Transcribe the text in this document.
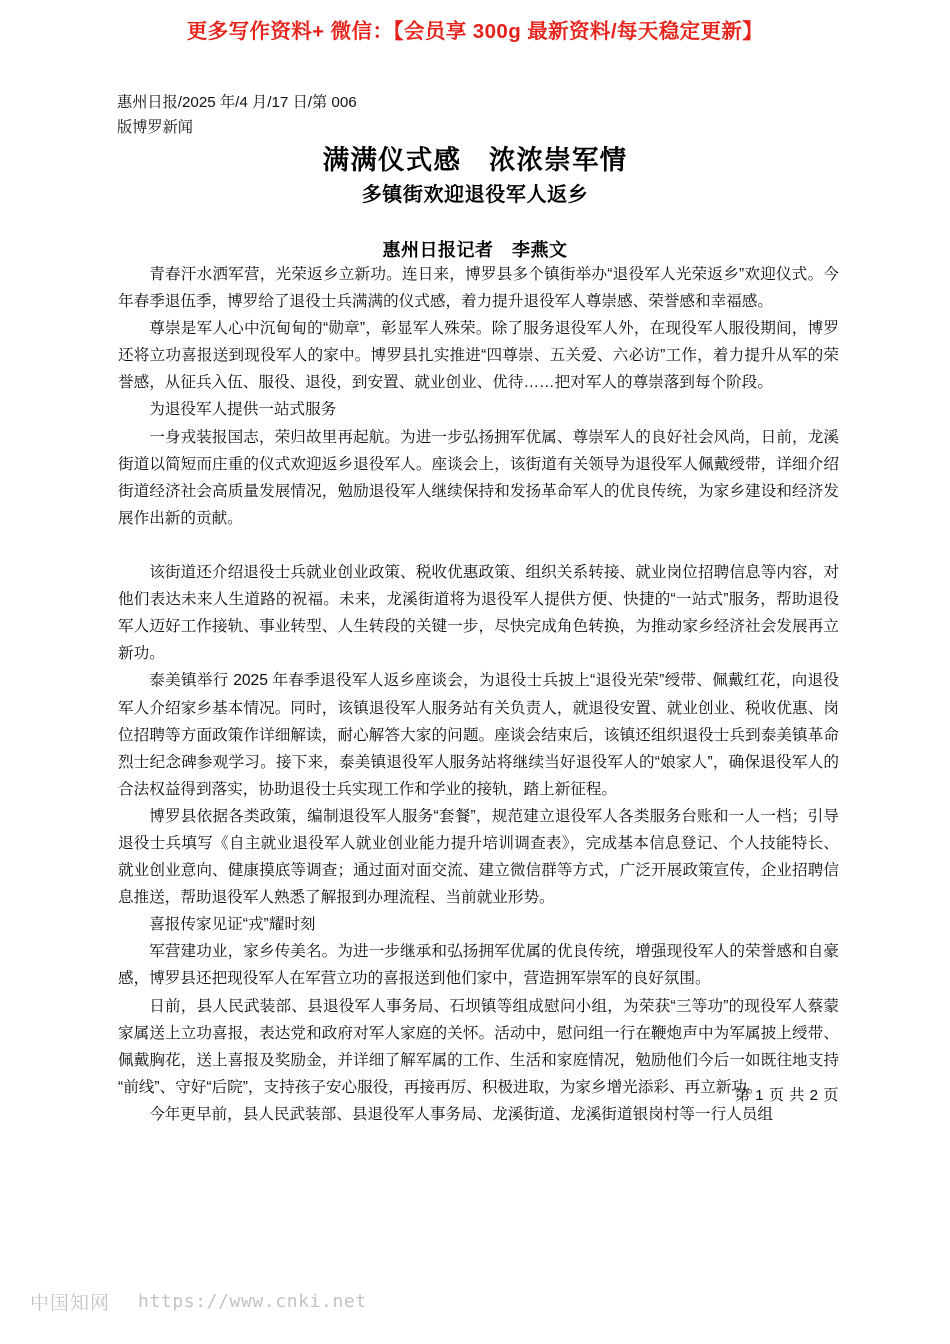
更多写作资料+ 微信：【会员享 300g 最新资料/每天稳定更新】
惠州日报/2025 年/4 月/17 日/第 006
版博罗新闻
满满仪式感　浓浓崇军情
多镇街欢迎退役军人返乡
惠州日报记者　李燕文

青春汗水洒军营，光荣返乡立新功。连日来，博罗县多个镇街举办“退役军人光荣返乡”欢迎仪式。今年春季退伍季，博罗给了退役士兵满满的仪式感，着力提升退役军人尊崇感、荣誉感和幸福感。

尊崇是军人心中沉甸甸的“勋章”，彰显军人殊荣。除了服务退役军人外，在现役军人服役期间，博罗还将立功喜报送到现役军人的家中。博罗县扎实推进“四尊崇、五关爱、六必访”工作，着力提升从军的荣誉感，从征兵入伍、服役、退役，到安置、就业创业、优待……把对军人的尊崇落到每个阶段。

为退役军人提供一站式服务

一身戎装报国志，荣归故里再起航。为进一步弘扬拥军优属、尊崇军人的良好社会风尚，日前，龙溪街道以简短而庄重的仪式欢迎返乡退役军人。座谈会上，该街道有关领导为退役军人佩戴绶带，详细介绍街道经济社会高质量发展情况，勉励退役军人继续保持和发扬革命军人的优良传统，为家乡建设和经济发展作出新的贡献。

该街道还介绍退役士兵就业创业政策、税收优惠政策、组织关系转接、就业岗位招聘信息等内容，对他们表达未来人生道路的祝福。未来，龙溪街道将为退役军人提供方便、快捷的“一站式”服务，帮助退役军人迈好工作接轨、事业转型、人生转段的关键一步，尽快完成角色转换，为推动家乡经济社会发展再立新功。

泰美镇举行 2025 年春季退役军人返乡座谈会，为退役士兵披上“退役光荣”绶带、佩戴红花，向退役军人介绍家乡基本情况。同时，该镇退役军人服务站有关负责人，就退役安置、就业创业、税收优惠、岗位招聘等方面政策作详细解读，耐心解答大家的问题。座谈会结束后，该镇还组织退役士兵到泰美镇革命烈士纪念碑参观学习。接下来，泰美镇退役军人服务站将继续当好退役军人的“娘家人”，确保退役军人的合法权益得到落实，协助退役士兵实现工作和学业的接轨，踏上新征程。

博罗县依据各类政策，编制退役军人服务“套餐”，规范建立退役军人各类服务台账和一人一档；引导退役士兵填写《自主就业退役军人就业创业能力提升培训调查表》，完成基本信息登记、个人技能特长、就业创业意向、健康摸底等调查；通过面对面交流、建立微信群等方式，广泛开展政策宣传，企业招聘信息推送，帮助退役军人熟悉了解报到办理流程、当前就业形势。

喜报传家见证“戎”耀时刻

军营建功业，家乡传美名。为进一步继承和弘扬拥军优属的优良传统，增强现役军人的荣誉感和自豪感，博罗县还把现役军人在军营立功的喜报送到他们家中，营造拥军崇军的良好氛围。

日前，县人民武装部、县退役军人事务局、石坝镇等组成慰问小组，为荣获“三等功”的现役军人蔡蒙家属送上立功喜报，表达党和政府对军人家庭的关怀。活动中，慰问组一行在鞭炮声中为军属披上绶带、佩戴胸花，送上喜报及奖励金，并详细了解军属的工作、生活和家庭情况，勉励他们今后一如既往地支持“前线”、守好“后院”，支持孩子安心服役，再接再厉、积极进取，为家乡增光添彩、再立新功。

今年更早前，县人民武装部、县退役军人事务局、龙溪街道、龙溪街道银岗村等一行人员组

第 1 页 共 2 页
中国知网 https://www.cnki.net
